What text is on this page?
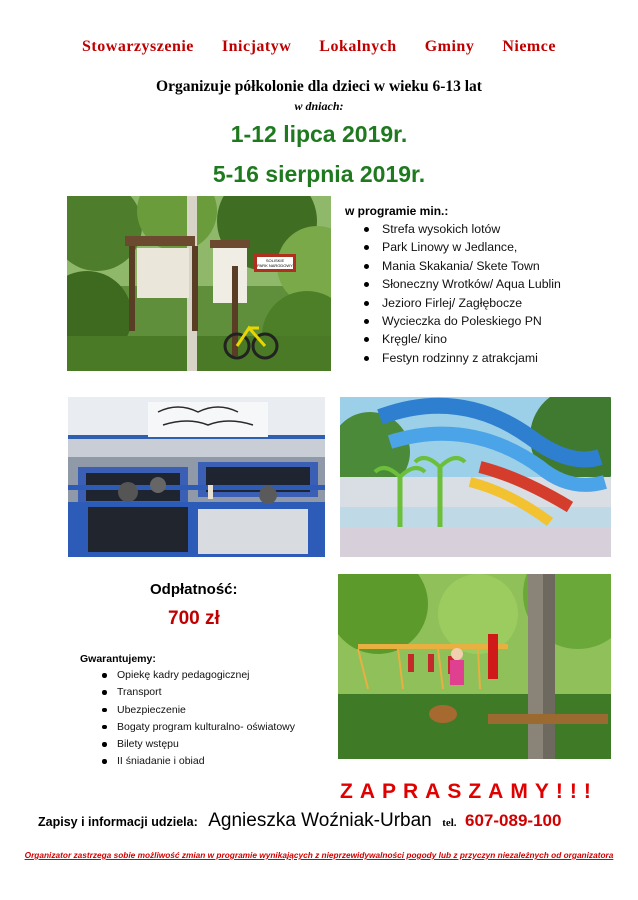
Stowarzyszenie Inicjatyw Lokalnych Gminy Niemce
Organizuje półkolonie dla dzieci w wieku 6-13 lat
w dniach:
1-12 lipca 2019r.
5-16 sierpnia 2019r.
SOLISKIE
PARK NARODOWY
w programie min.:
Strefa wysokich lotów
Park Linowy w Jedlance,
Mania Skakania/ Skete Town
Słoneczny Wrotków/ Aqua Lublin
Jezioro Firlej/ Zagłębocze
Wycieczka do Poleskiego PN
Kręgle/ kino
Festyn rodzinny z atrakcjami
Odpłatność:
700 zł
Gwarantujemy:
Opiekę kadry pedagogicznej
Transport
Ubezpieczenie
Bogaty program kulturalno- oświatowy
Bilety wstępu
II śniadanie i obiad
ZAPRASZAMY!!!
Zapisy i informacji udziela: Agnieszka Woźniak-Urban tel. 607-089-100
Organizator zastrzega sobie możliwość zmian w programie wynikających z nieprzewidywalności pogody lub z przyczyn niezależnych od organizatora
